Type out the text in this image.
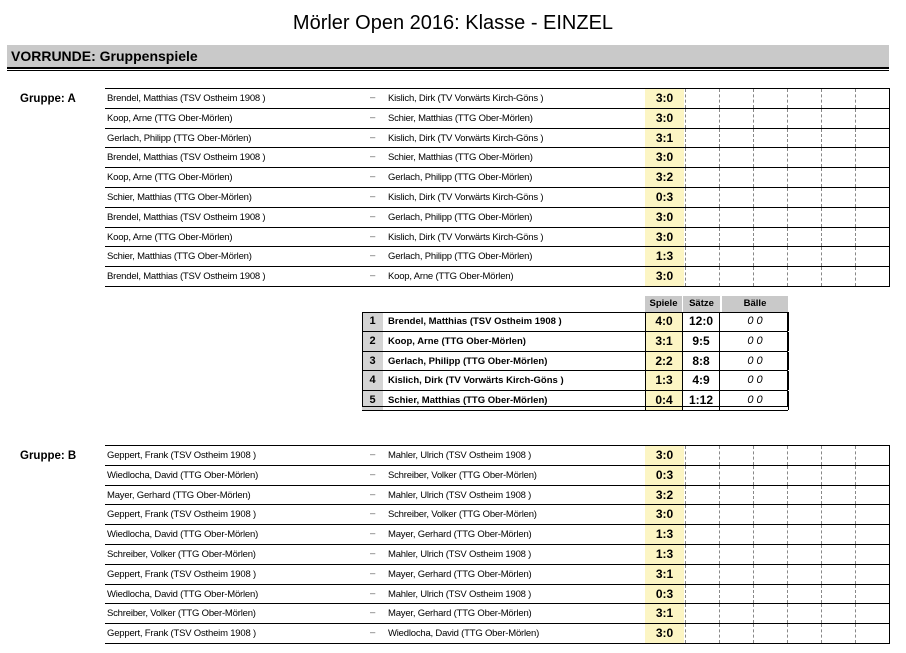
Mörler Open 2016: Klasse - EINZEL
VORRUNDE: Gruppenspiele
Gruppe: A	Brendel, Matthias (TSV Ostheim 1908 )	– Kislich, Dirk (TV Vorwärts Kirch-Göns )	3:0
Koop, Arne (TTG Ober-Mörlen)	– Schier, Matthias (TTG Ober-Mörlen)	3:0
Gerlach, Philipp (TTG Ober-Mörlen)	– Kislich, Dirk (TV Vorwärts Kirch-Göns )	3:1
Brendel, Matthias (TSV Ostheim 1908 )	– Schier, Matthias (TTG Ober-Mörlen)	3:0
Koop, Arne (TTG Ober-Mörlen)	– Gerlach, Philipp (TTG Ober-Mörlen)	3:2
Schier, Matthias (TTG Ober-Mörlen)	– Kislich, Dirk (TV Vorwärts Kirch-Göns )	0:3
Brendel, Matthias (TSV Ostheim 1908 )	– Gerlach, Philipp (TTG Ober-Mörlen)	3:0
Koop, Arne (TTG Ober-Mörlen)	– Kislich, Dirk (TV Vorwärts Kirch-Göns )	3:0
Schier, Matthias (TTG Ober-Mörlen)	– Gerlach, Philipp (TTG Ober-Mörlen)	1:3
Brendel, Matthias (TSV Ostheim 1908 )	– Koop, Arne (TTG Ober-Mörlen)	3:0
Spiele	Sätze	Bälle
1	Brendel, Matthias (TSV Ostheim 1908 )	4:0	12:0	0 0
2	Koop, Arne (TTG Ober-Mörlen)	3:1	9:5	0 0
3	Gerlach, Philipp (TTG Ober-Mörlen)	2:2	8:8	0 0
4	Kislich, Dirk (TV Vorwärts Kirch-Göns )	1:3	4:9	0 0
5	Schier, Matthias (TTG Ober-Mörlen)	0:4	1:12	0 0
Gruppe: B	Geppert, Frank (TSV Ostheim 1908 )	– Mahler, Ulrich (TSV Ostheim 1908 )	3:0
Wiedlocha, David (TTG Ober-Mörlen)	– Schreiber, Volker (TTG Ober-Mörlen)	0:3
Mayer, Gerhard (TTG Ober-Mörlen)	– Mahler, Ulrich (TSV Ostheim 1908 )	3:2
Geppert, Frank (TSV Ostheim 1908 )	– Schreiber, Volker (TTG Ober-Mörlen)	3:0
Wiedlocha, David (TTG Ober-Mörlen)	– Mayer, Gerhard (TTG Ober-Mörlen)	1:3
Schreiber, Volker (TTG Ober-Mörlen)	– Mahler, Ulrich (TSV Ostheim 1908 )	1:3
Geppert, Frank (TSV Ostheim 1908 )	– Mayer, Gerhard (TTG Ober-Mörlen)	3:1
Wiedlocha, David (TTG Ober-Mörlen)	– Mahler, Ulrich (TSV Ostheim 1908 )	0:3
Schreiber, Volker (TTG Ober-Mörlen)	– Mayer, Gerhard (TTG Ober-Mörlen)	3:1
Geppert, Frank (TSV Ostheim 1908 )	– Wiedlocha, David (TTG Ober-Mörlen)	3:0
